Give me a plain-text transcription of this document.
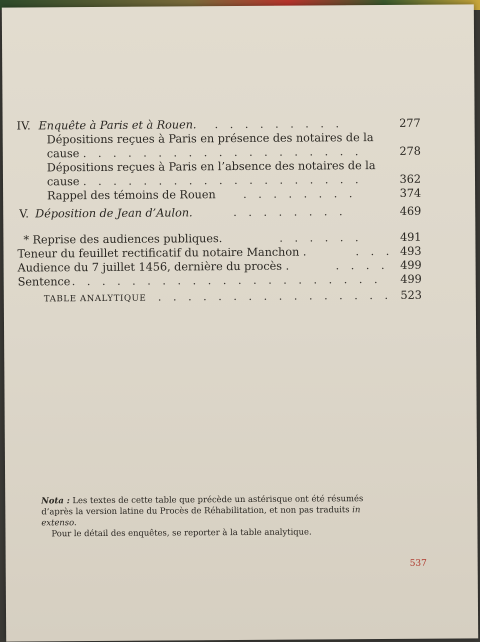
IV. Enquête à Paris et à Rouen. . . . . . . . . .	277
Dépositions reçues à Paris en présence des notaires de la
cause . . . . . . . . . . . . . . . . . . .	278
Dépositions reçues à Paris en l’absence des notaires de la
cause . . . . . . . . . . . . . . . . . . .	362
Rappel des témoins de Rouen . . . . . . . .	374
V. Déposition de Jean d’Aulon.	. . . . . . . .	469
* Reprise des audiences publiques.	. . . . . .	491
Teneur du feuillet rectificatif du notaire Manchon .	. . . 493
Audience du 7 juillet 1456, dernière du procès .	. . . . 499
Sentence . . . . . . . . . . . . . . . . . . . . . 499
TABLE ANALYTIQUE . . . . . . . . . . . . . . . . 523
Nota : Les textes de cette table que précède un astérisque ont été résumés
d’après la version latine du Procès de Réhabilitation, et non pas traduits in
extenso.
Pour le détail des enquêtes, se reporter à la table analytique.
537
